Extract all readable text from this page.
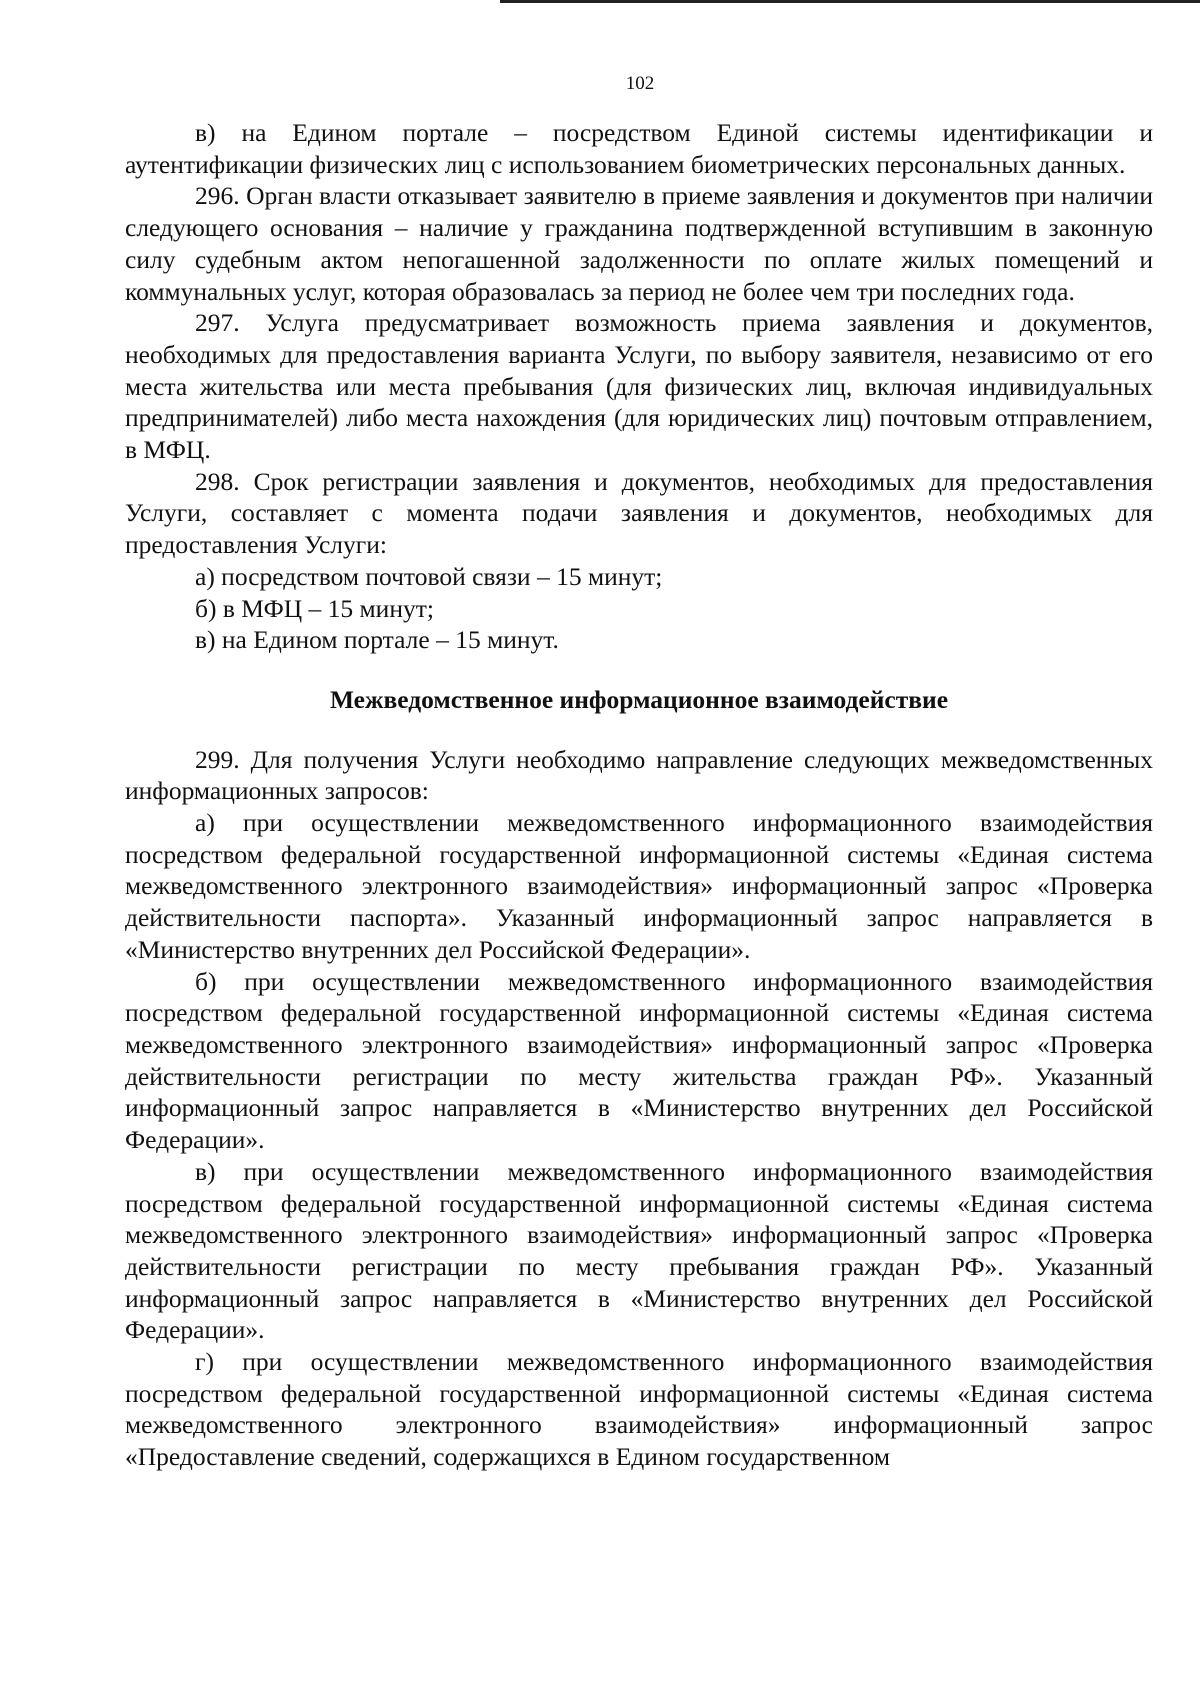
102

в) на Едином портале – посредством Единой системы идентификации и аутентификации физических лиц с использованием биометрических персональных данных.

296. Орган власти отказывает заявителю в приеме заявления и документов при наличии следующего основания – наличие у гражданина подтвержденной вступившим в законную силу судебным актом непогашенной задолженности по оплате жилых помещений и коммунальных услуг, которая образовалась за период не более чем три последних года.

297. Услуга предусматривает возможность приема заявления и документов, необходимых для предоставления варианта Услуги, по выбору заявителя, независимо от его места жительства или места пребывания (для физических лиц, включая индивидуальных предпринимателей) либо места нахождения (для юридических лиц) почтовым отправлением, в МФЦ.

298. Срок регистрации заявления и документов, необходимых для предоставления Услуги, составляет с момента подачи заявления и документов, необходимых для предоставления Услуги:

а) посредством почтовой связи – 15 минут;

б) в МФЦ – 15 минут;

в) на Едином портале – 15 минут.

Межведомственное информационное взаимодействие

299. Для получения Услуги необходимо направление следующих межведомственных информационных запросов:

а) при осуществлении межведомственного информационного взаимодействия посредством федеральной государственной информационной системы «Единая система межведомственного электронного взаимодействия» информационный запрос «Проверка действительности паспорта». Указанный информационный запрос направляется в «Министерство внутренних дел Российской Федерации».

б) при осуществлении межведомственного информационного взаимодействия посредством федеральной государственной информационной системы «Единая система межведомственного электронного взаимодействия» информационный запрос «Проверка действительности регистрации по месту жительства граждан РФ». Указанный информационный запрос направляется в «Министерство внутренних дел Российской Федерации».

в) при осуществлении межведомственного информационного взаимодействия посредством федеральной государственной информационной системы «Единая система межведомственного электронного взаимодействия» информационный запрос «Проверка действительности регистрации по месту пребывания граждан РФ». Указанный информационный запрос направляется в «Министерство внутренних дел Российской Федерации».

г) при осуществлении межведомственного информационного взаимодействия посредством федеральной государственной информационной системы «Единая система межведомственного электронного взаимодействия» информационный запрос «Предоставление сведений, содержащихся в Едином государственном
